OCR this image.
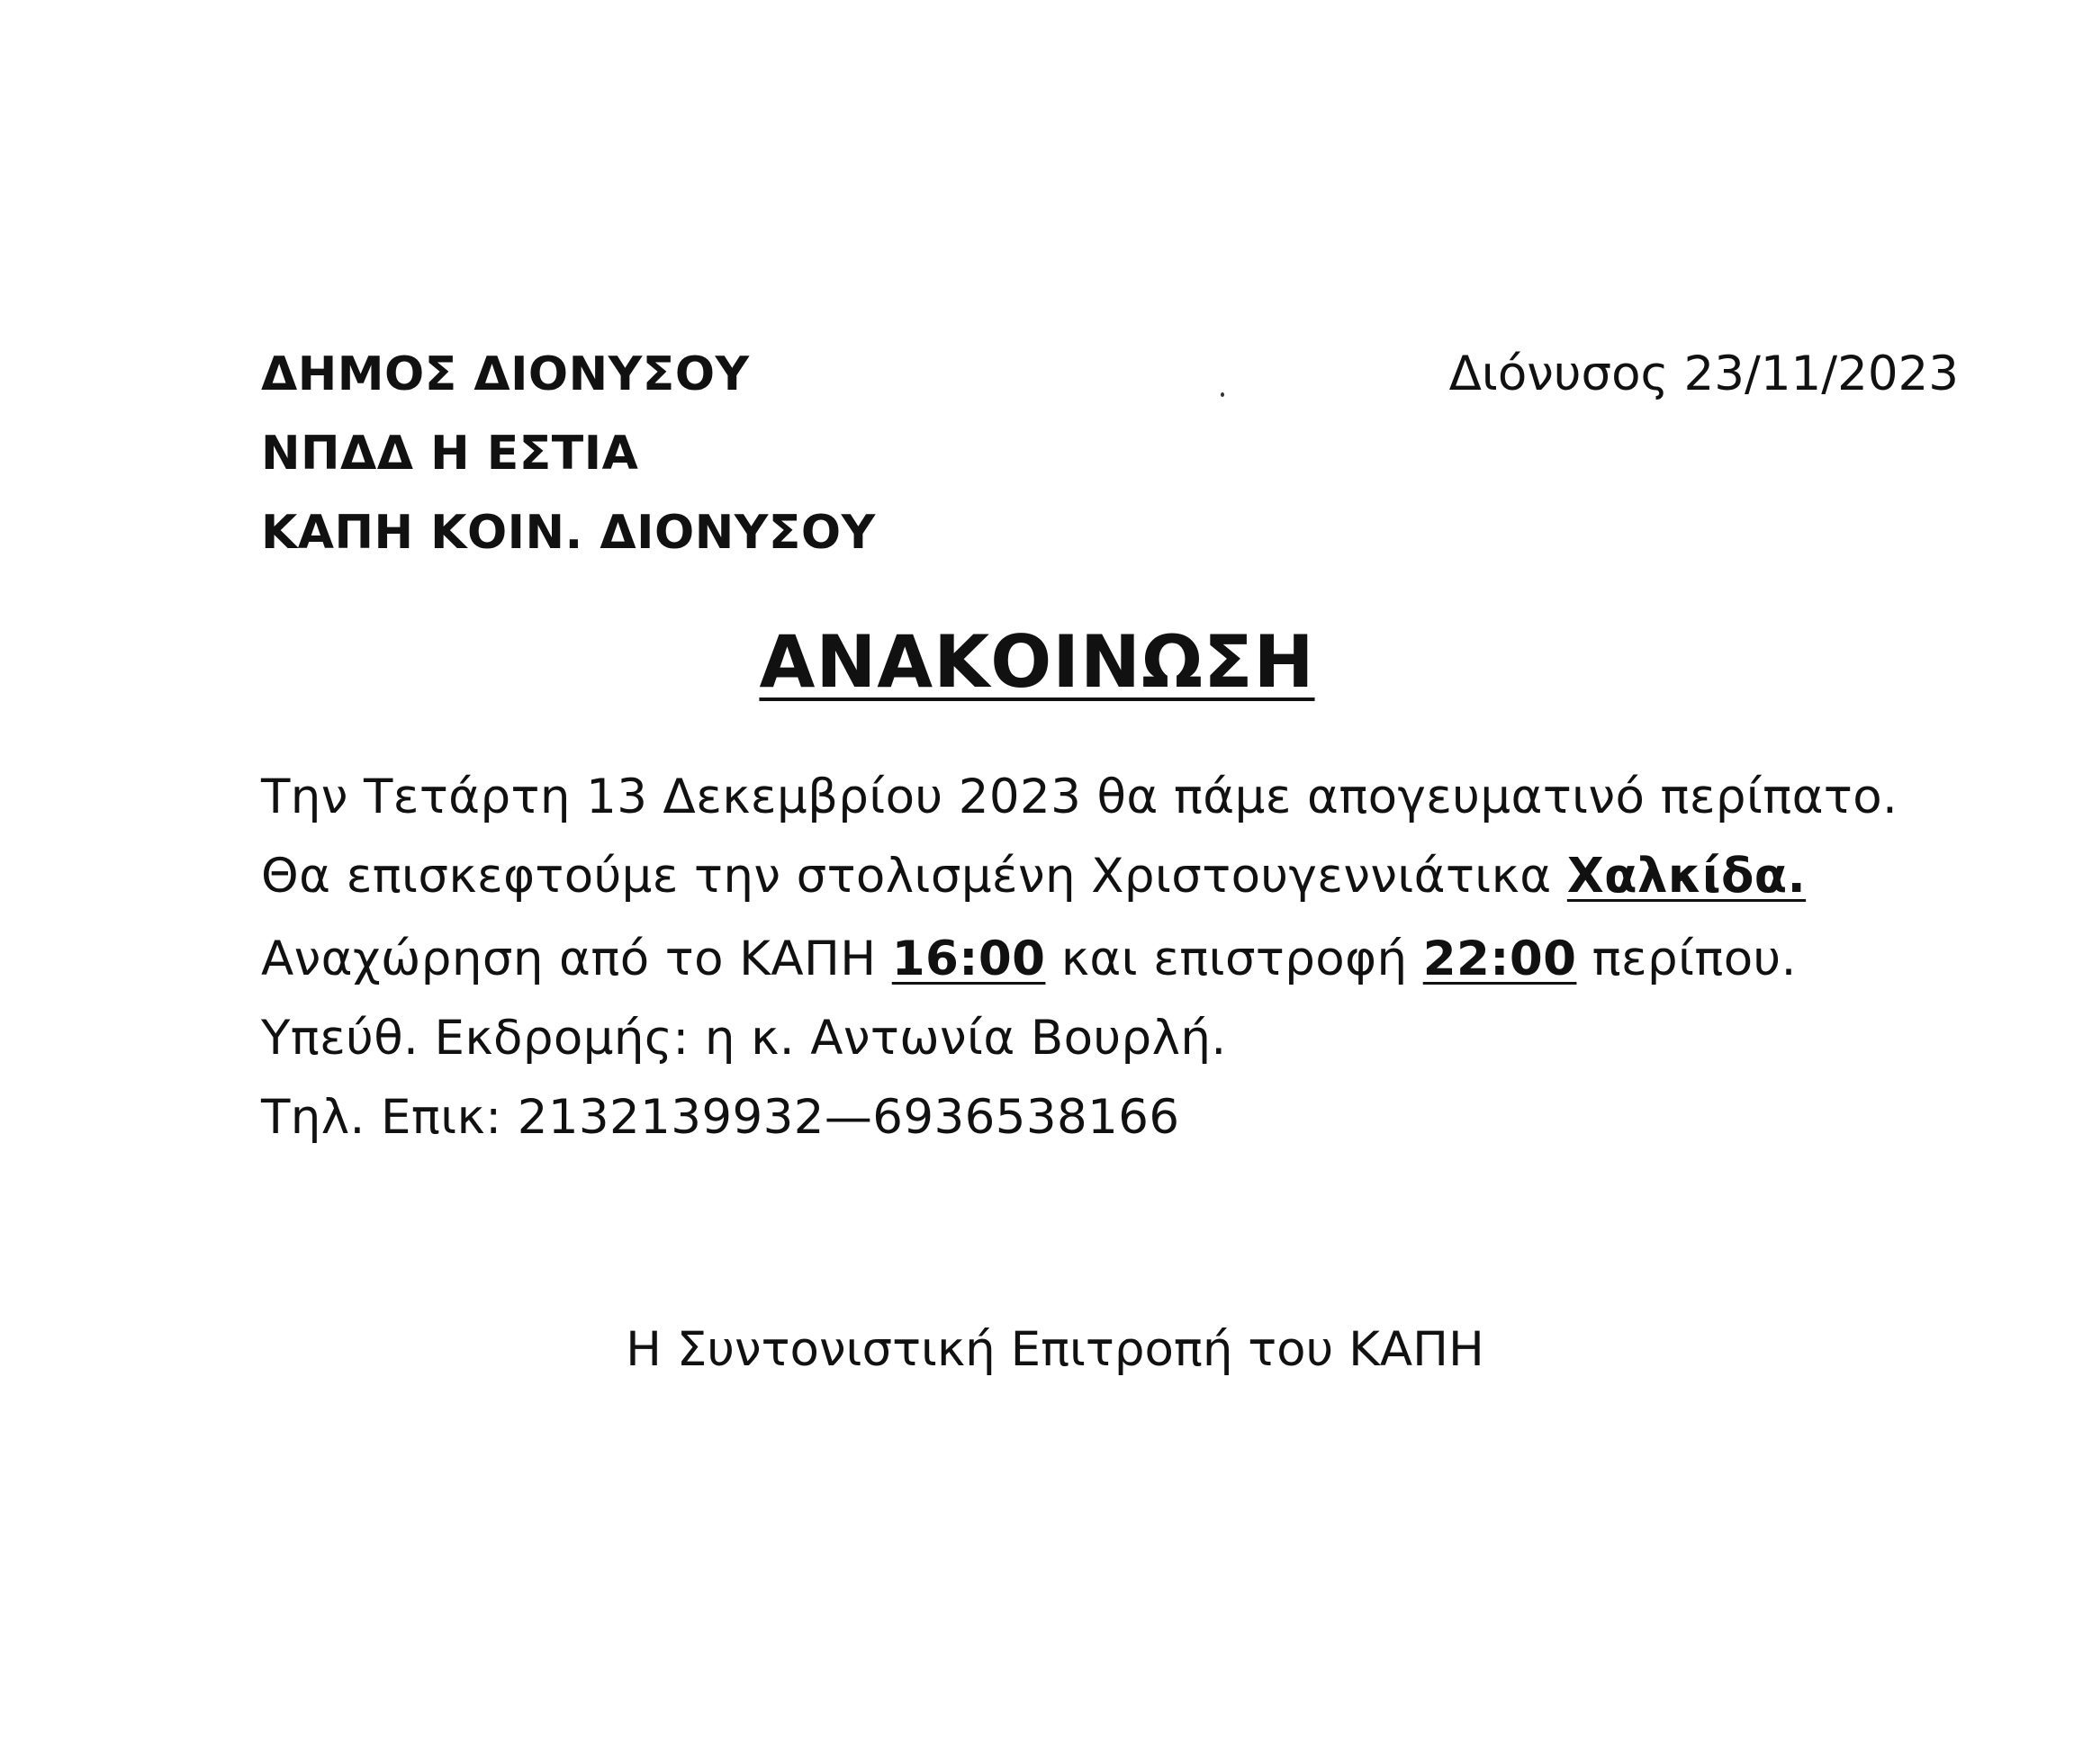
ΔΗΜΟΣ ΔΙΟΝΥΣΟΥ
ΝΠΔΔ Η ΕΣΤΙΑ
ΚΑΠΗ ΚΟΙΝ. ΔΙΟΝΥΣΟΥ
Διόνυσος 23/11/2023
ΑΝΑΚΟΙΝΩΣΗ
Την Τετάρτη 13 Δεκεμβρίου 2023 θα πάμε απογευματινό περίπατο.
Θα επισκεφτούμε την στολισμένη Χριστουγεννιάτικα Χαλκίδα.
Αναχώρηση από το ΚΑΠΗ 16:00 και επιστροφή 22:00 περίπου.
Υπεύθ. Εκδρομής: η κ. Αντωνία Βουρλή.
Τηλ. Επικ: 2132139932—6936538166
Η Συντονιστική Επιτροπή του ΚΑΠΗ
